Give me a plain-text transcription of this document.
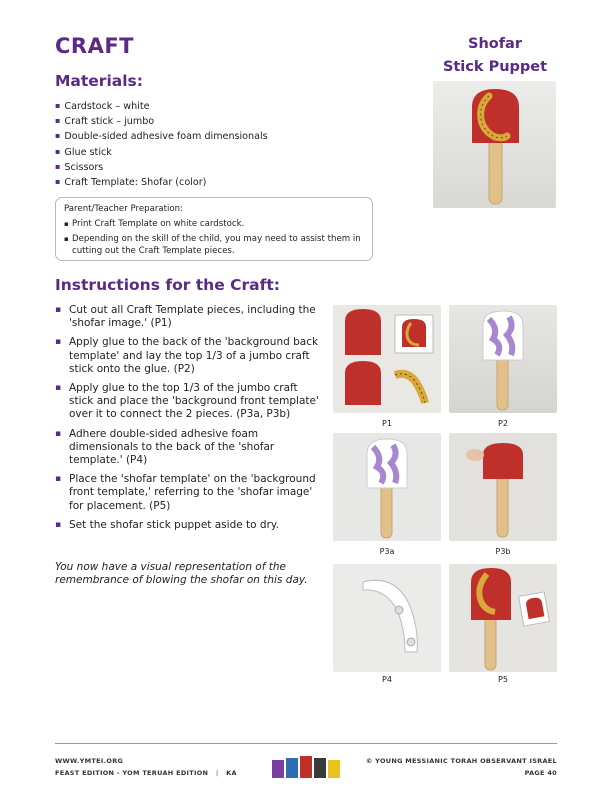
CRAFT	Shofar
Stick Puppet
Materials:
▪ Cardstock – white
▪ Craft stick – jumbo
▪ Double-sided adhesive foam dimensionals
▪ Glue stick
▪ Scissors
▪ Craft Template: Shofar (color)
Parent/Teacher Preparation:
▪ Print Craft Template on white cardstock.
▪ Depending on the skill of the child, you may need to assist them in cutting out the Craft Template pieces.
Instructions for the Craft:
▪ Cut out all Craft Template pieces, including the 'shofar image.' (P1)
▪ Apply glue to the back of the 'background back template' and lay the top 1/3 of a jumbo craft stick onto the glue. (P2)
▪ Apply glue to the top 1/3 of the jumbo craft stick and place the 'background front template' over it to connect the 2 pieces. (P3a, P3b)
▪ Adhere double-sided adhesive foam dimensionals to the back of the 'shofar template.' (P4)
▪ Place the 'shofar template' on the 'background front template,' referring to the 'shofar image' for placement. (P5)
▪ Set the shofar stick puppet aside to dry.
You now have a visual representation of the remembrance of blowing the shofar on this day.
P1	P2
P3a	P3b
P4	P5
WWW.YMTEI.ORG
FEAST EDITION - YOM TERUAH EDITION | KA
© YOUNG MESSIANIC TORAH OBSERVANT ISRAEL
PAGE 40
